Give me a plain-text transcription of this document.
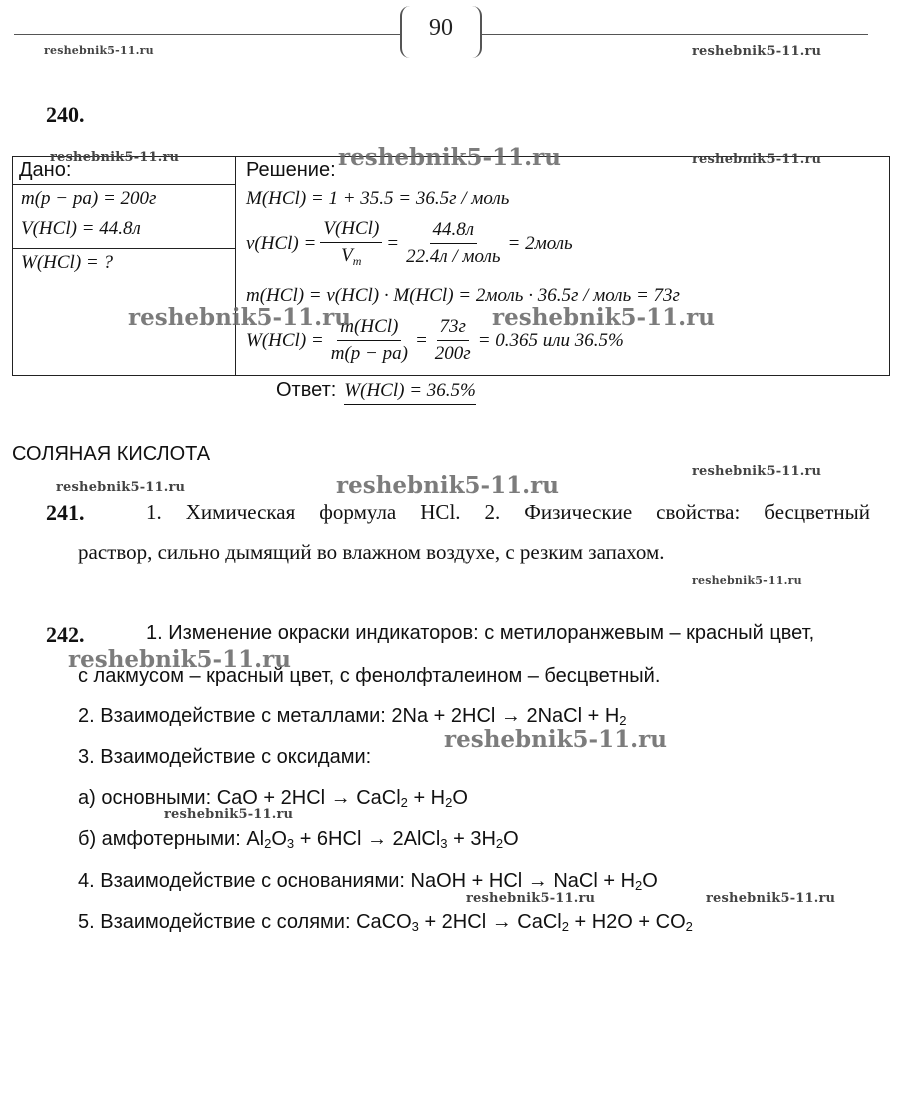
90
reshebnik5-11.ru	reshebnik5-11.ru
240.
Дано:	Решение:

m(p − pa) = 200г
V(HCl) = 44.8л

W(HCl) = ?
M(HCl) = 1 + 35.5 = 36.5г / моль
$\nu(HCl) = \frac{\text{V(HCl)}}{V_m} = \frac{44.8л}{\text{22.4л / моль}}$ = 2моль
m(HCl) = ν(HCl) · M(HCl) = 2моль · 36.5г / моль = 73г
$W(HCl) = \frac{\text{m(HCl)}}{m(p - pa)} = \frac{73г}{200г} = 0.365$ или 36.5%
Ответ: W(HCl) = 36.5%
СОЛЯНАЯ КИСЛОТА
241.	1. Химическая формула HCl. 2. Физические свойства: бесцветный
раствор, сильно дымящий во влажном воздухе, с резким запахом.
242.	1. Изменение окраски индикаторов: с метилоранжевым – красный цвет,
с лакмусом – красный цвет, с фенолфталеином – бесцветный.
2. Взаимодействие с металлами: 2Na + 2HCl → 2NaCl + $H_2$
3. Взаимодействие с оксидами:
а) основными: CaO + 2HCl → CaCl$_2$ + $H_2O$
б) амфотерными: $Al_2O_3 + 6HCl$ → 2AlCl$_3$ + $3H_2O$
4. Взаимодействие с основаниями: NaOH + HCl → NaCl + $H_2O$
5. Взаимодействие с солями: CaCO$_3$ + 2HCl → CaCl$_2$ + $H2O + CO_2$
reshebnik5-11.ru	reshebnik5-11.ru	reshebnik5-11.ru
reshebnik5-11.ru	reshebnik5-11.ru
reshebnik5-11.ru
reshebnik5-11.ru
reshebnik5-11.ru
reshebnik5-11.ru
reshebnik5-11.ru
reshebnik5-11.ru
reshebnik5-11.ru
reshebnik5-11.ru	reshebnik5-11.ru
